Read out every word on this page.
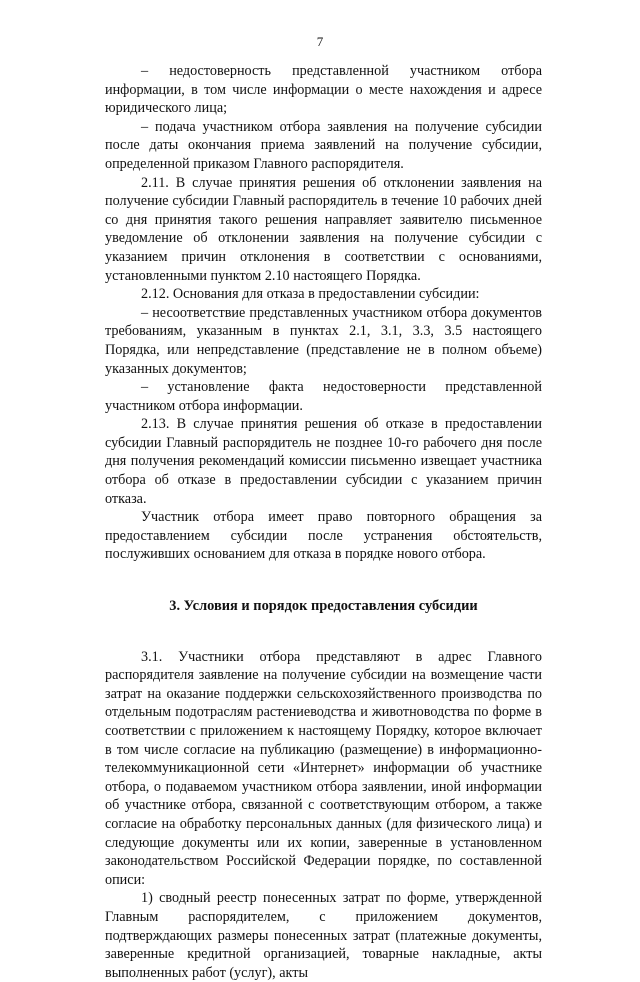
7

– недостоверность представленной участником отбора информации, в том числе информации о месте нахождения и адресе юридического лица;

– подача участником отбора заявления на получение субсидии после даты окончания приема заявлений на получение субсидии, определенной приказом Главного распорядителя.

2.11. В случае принятия решения об отклонении заявления на получение субсидии Главный распорядитель в течение 10 рабочих дней со дня принятия такого решения направляет заявителю письменное уведомление об отклонении заявления на получение субсидии с указанием причин отклонения в соответствии с основаниями, установленными пунктом 2.10 настоящего Порядка.

2.12. Основания для отказа в предоставлении субсидии:

– несоответствие представленных участником отбора документов требованиям, указанным в пунктах 2.1, 3.1, 3.3, 3.5 настоящего Порядка, или непредставление (представление не в полном объеме) указанных документов;

– установление факта недостоверности представленной участником отбора информации.

2.13. В случае принятия решения об отказе в предоставлении субсидии Главный распорядитель не позднее 10-го рабочего дня после дня получения рекомендаций комиссии письменно извещает участника отбора об отказе в предоставлении субсидии с указанием причин отказа.

Участник отбора имеет право повторного обращения за предоставлением субсидии после устранения обстоятельств, послуживших основанием для отказа в порядке нового отбора.

3. Условия и порядок предоставления субсидии

3.1. Участники отбора представляют в адрес Главного распорядителя заявление на получение субсидии на возмещение части затрат на оказание поддержки сельскохозяйственного производства по отдельным подотраслям растениеводства и животноводства по форме в соответствии с приложением к настоящему Порядку, которое включает в том числе согласие на публикацию (размещение) в информационно-телекоммуникационной сети «Интернет» информации об участнике отбора, о подаваемом участником отбора заявлении, иной информации об участнике отбора, связанной с соответствующим отбором, а также согласие на обработку персональных данных (для физического лица) и следующие документы или их копии, заверенные в установленном законодательством Российской Федерации порядке, по составленной описи:

1) сводный реестр понесенных затрат по форме, утвержденной Главным распорядителем, с приложением документов, подтверждающих размеры понесенных затрат (платежные документы, заверенные кредитной организацией, товарные накладные, акты выполненных работ (услуг), акты
